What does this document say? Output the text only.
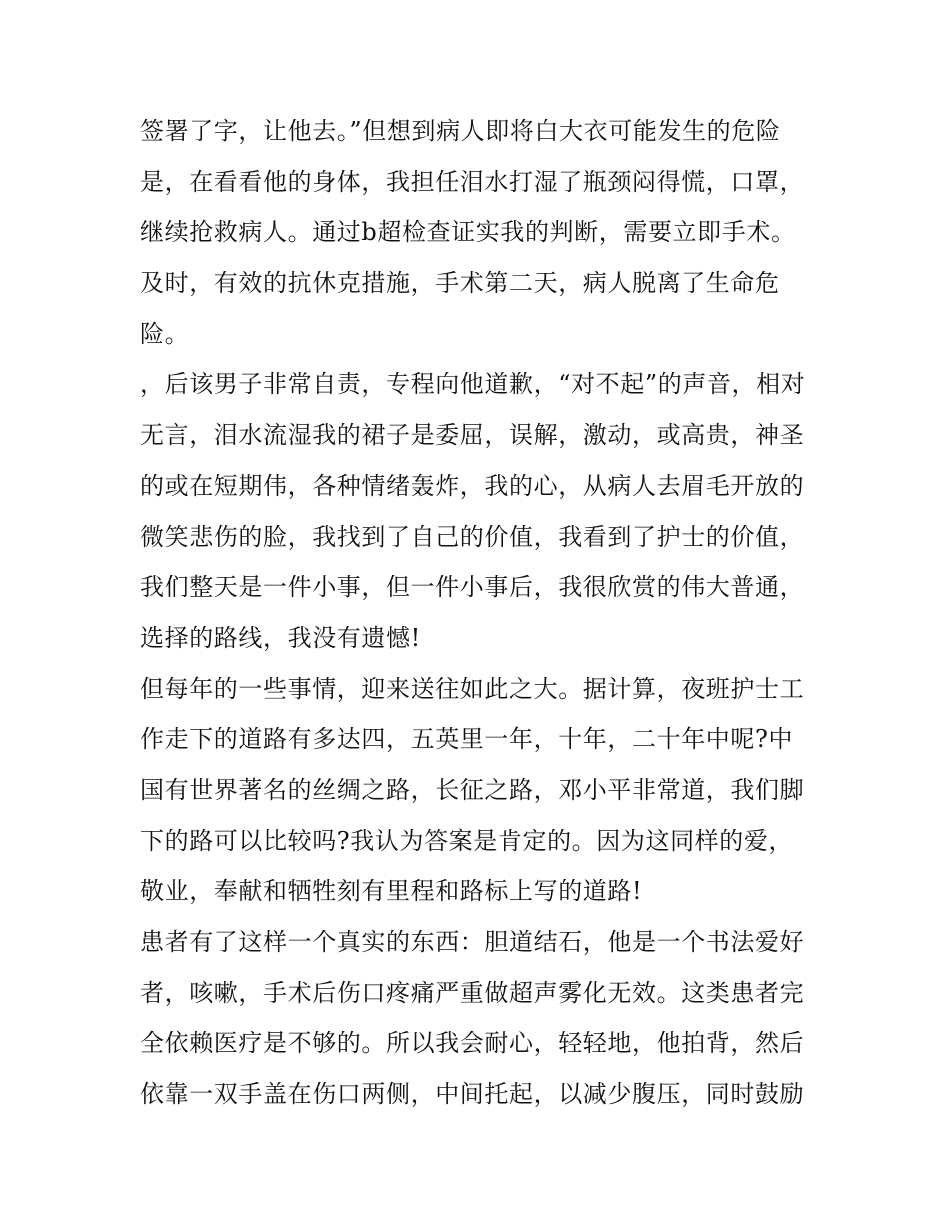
签署了字，让他去。”但想到病人即将白大衣可能发生的危险
是，在看看他的身体，我担任泪水打湿了瓶颈闷得慌，口罩，
继续抢救病人。通过b超检查证实我的判断，需要立即手术。
及时，有效的抗休克措施，手术第二天，病人脱离了生命危
险。
，后该男子非常自责，专程向他道歉，“对不起”的声音，相对
无言，泪水流湿我的裙子是委屈，误解，激动，或高贵，神圣
的或在短期伟，各种情绪轰炸，我的心，从病人去眉毛开放的
微笑悲伤的脸，我找到了自己的价值，我看到了护士的价值，
我们整天是一件小事，但一件小事后，我很欣赏的伟大普通，
选择的路线，我没有遗憾!
但每年的一些事情，迎来送往如此之大。据计算，夜班护士工
作走下的道路有多达四，五英里一年，十年，二十年中呢?中
国有世界著名的丝绸之路，长征之路，邓小平非常道，我们脚
下的路可以比较吗?我认为答案是肯定的。因为这同样的爱，
敬业，奉献和牺牲刻有里程和路标上写的道路!
患者有了这样一个真实的东西：胆道结石，他是一个书法爱好
者，咳嗽，手术后伤口疼痛严重做超声雾化无效。这类患者完
全依赖医疗是不够的。所以我会耐心，轻轻地，他拍背，然后
依靠一双手盖在伤口两侧，中间托起，以减少腹压，同时鼓励
